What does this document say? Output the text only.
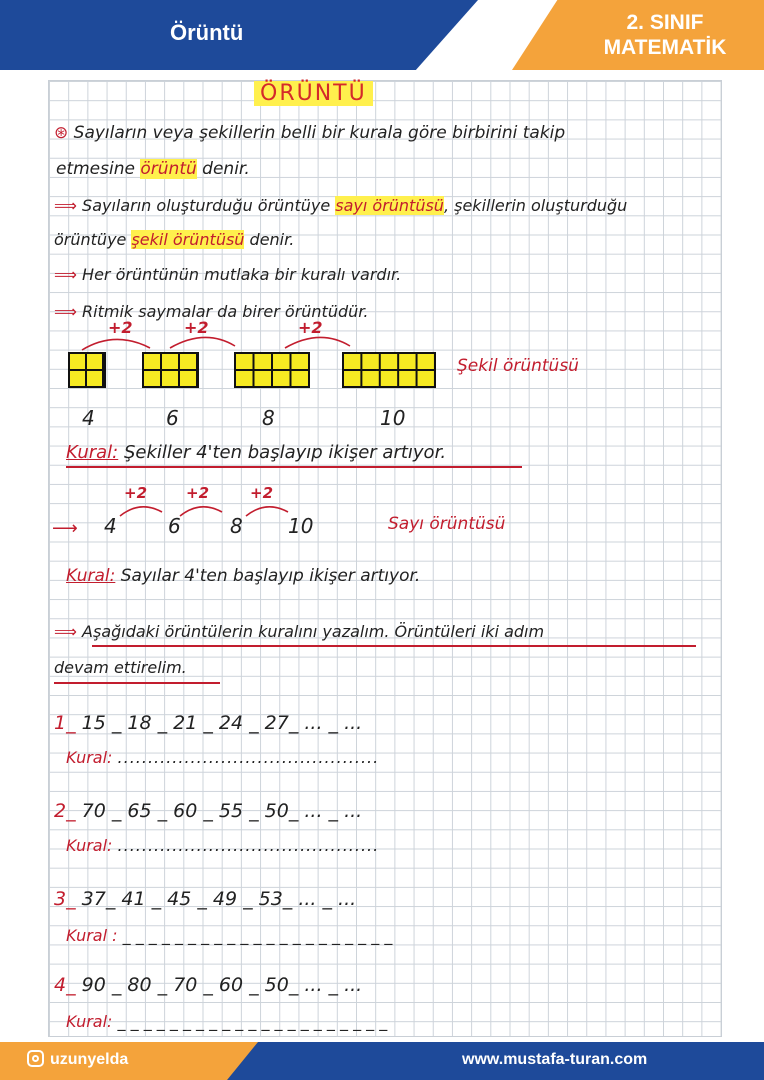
Örüntü	2. SINIF
MATEMATİK
ÖRÜNTÜ
⊛ Sayıların veya şekillerin belli bir kurala göre birbirini takip
etmesine örüntü denir.
⟹ Sayıların oluşturduğu örüntüye sayı örüntüsü, şekillerin oluşturduğu
örüntüye şekil örüntüsü denir.
⟹ Her örüntünün mutlaka bir kuralı vardır.
⟹ Ritmik saymalar da birer örüntüdür.
+2	+2	+2
Şekil örüntüsü
4	6	8	10
Kural: Şekiller 4'ten başlayıp ikişer artıyor.
+2	+2	+2
⟶ 4	6 8 10	Sayı örüntüsü
Kural: Sayılar 4'ten başlayıp ikişer artıyor.
⟹ Aşağıdaki örüntülerin kuralını yazalım. Örüntüleri iki adım
devam ettirelim.
1_ 15 _ 18 _ 21 _ 24 _ 27_ ... _ ...
Kural: ...........................................
2_ 70 _ 65 _ 60 _ 55 _ 50_ ... _ ...
Kural: ...........................................
3_ 37_ 41 _ 45 _ 49 _ 53_ ... _ ...
Kural : _ _ _ _ _ _ _ _ _ _ _ _ _ _ _ _ _ _ _ _ _
4_ 90 _ 80 _ 70 _ 60 _ 50_ ... _ ...
Kural: _ _ _ _ _ _ _ _ _ _ _ _ _ _ _ _ _ _ _ _ _
uzunyelda	www.mustafa-turan.com
